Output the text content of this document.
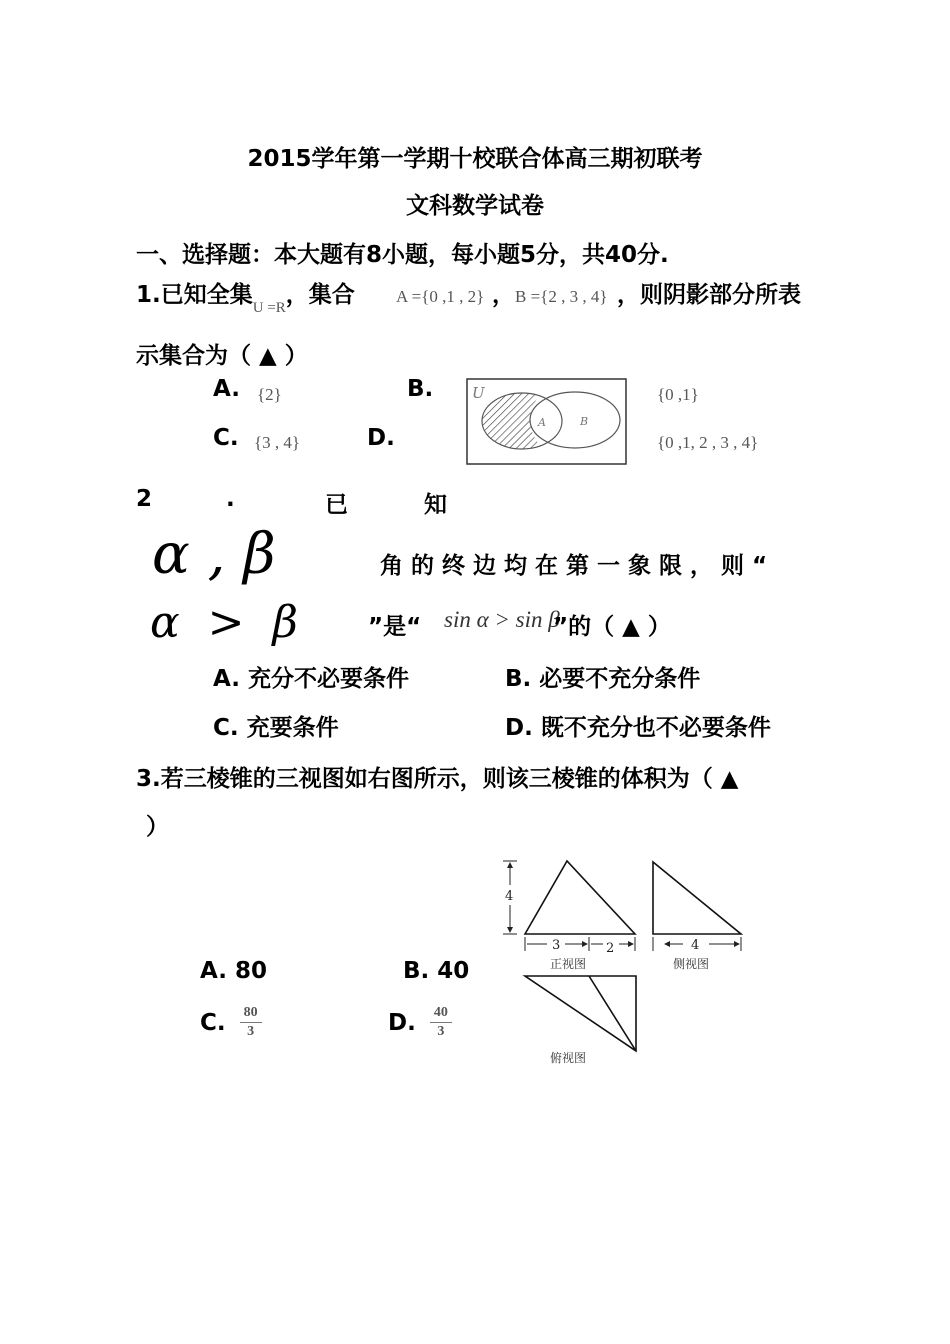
2015学年第一学期十校联合体高三期初联考
文科数学试卷
一、选择题：本大题有8小题，每小题5分，共40分.
1.已知全集$_{U =R}$，集合 A ={0 ,1 , 2} ， B ={2 , 3 , 4} ，则阴影部分所表
示集合为（ ▲ ）
A. {2}	B.	{0 ,1}
C. {3 , 4}	D.	{0 ,1, 2 , 3 , 4}
U
A	B
2	.	已	知
α , β	角的终边均在第一象限，则“
α  >  β	”是“ sin α > sin β
”的（ ▲ ）
A. 充分不必要条件	B. 必要不充分条件
C. 充要条件	D. 既不充分也不必要条件
3.若三棱锥的三视图如右图所示，则该三棱锥的体积为（ ▲
）
A. 80	B. 40
C. $\frac{80}{3}$	D. $\frac{40}{3}$
4
3	2
正视图
4
侧视图
俯视图
